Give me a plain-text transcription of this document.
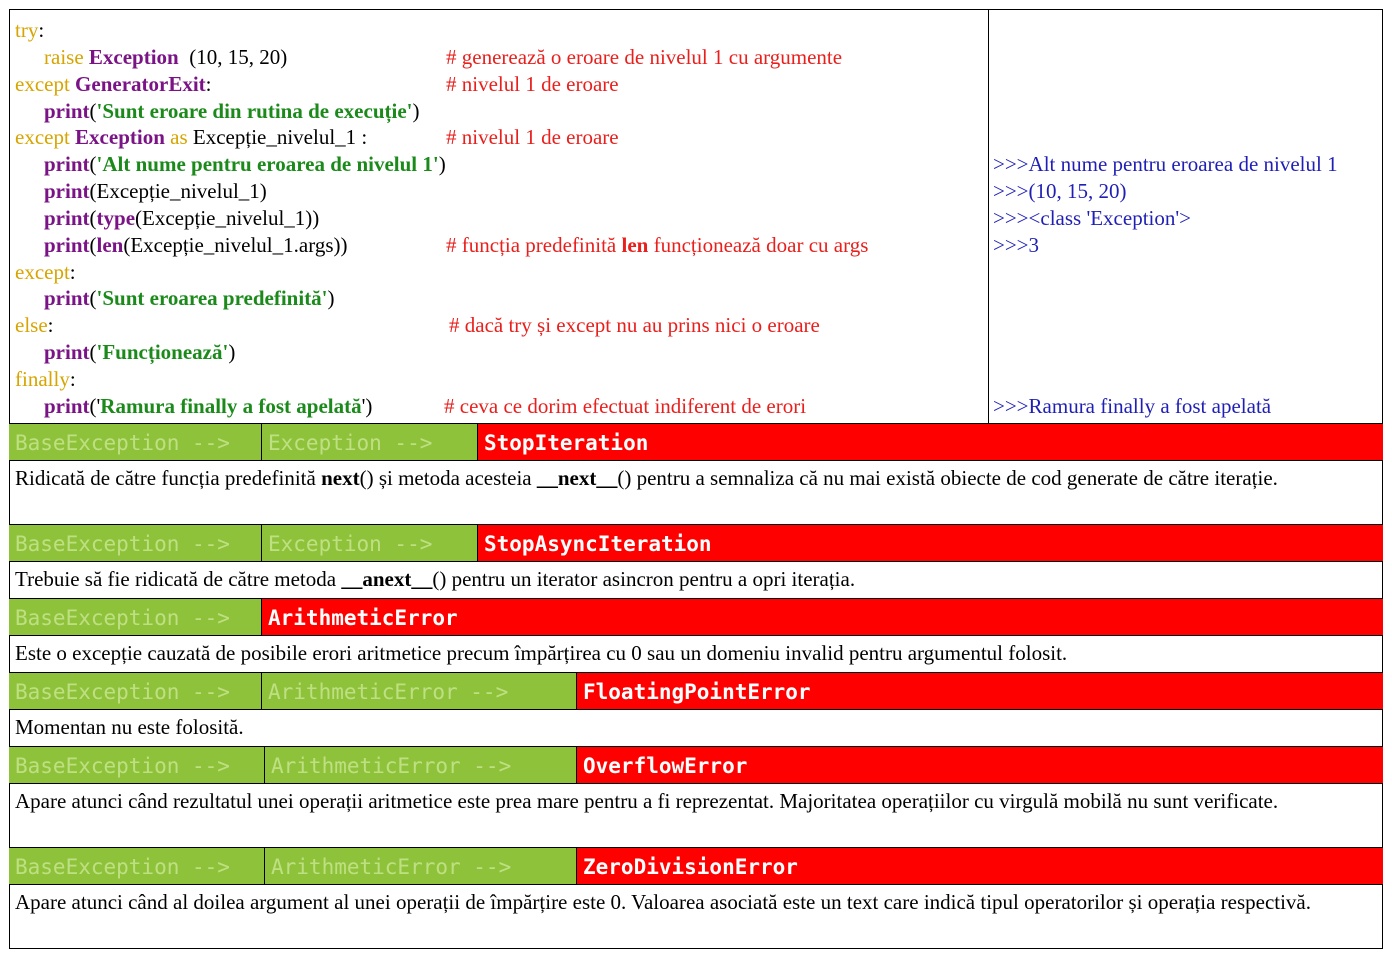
try:
raise Exception  (10, 15, 20)	# generează o eroare de nivelul 1 cu argumente
except GeneratorExit:	# nivelul 1 de eroare
print('Sunt eroare din rutina de execuție')
except Exception as Excepție_nivelul_1 :	# nivelul 1 de eroare
print('Alt nume pentru eroarea de nivelul 1')
print(Excepție_nivelul_1)
print(type(Excepție_nivelul_1))
print(len(Excepție_nivelul_1.args))	# funcția predefinită len funcționează doar cu args
except:
print('Sunt eroarea predefinită')
else:	# dacă try și except nu au prins nici o eroare
print('Funcționează')
finally:
print('Ramura finally a fost apelată')	# ceva ce dorim efectuat indiferent de erori
>>>Alt nume pentru eroarea de nivelul 1
>>>(10, 15, 20)
>>><class 'Exception'>
>>>3
>>>Ramura finally a fost apelată
BaseException -->	Exception -->	StopIteration
Ridicată de către funcția predefinită next() și metoda acesteia __next__() pentru a semnaliza că nu mai există obiecte de cod generate de către iterație.
BaseException -->	Exception -->	StopAsyncIteration
Trebuie să fie ridicată de către metoda __anext__() pentru un iterator asincron pentru a opri iterația.
BaseException -->	ArithmeticError
Este o excepție cauzată de posibile erori aritmetice precum împărțirea cu 0 sau un domeniu invalid pentru argumentul folosit.
BaseException -->	ArithmeticError -->	FloatingPointError
Momentan nu este folosită.
BaseException -->	ArithmeticError -->	OverflowError
Apare atunci când rezultatul unei operații aritmetice este prea mare pentru a fi reprezentat. Majoritatea operațiilor cu virgulă mobilă nu sunt verificate.
BaseException -->	ArithmeticError -->	ZeroDivisionError
Apare atunci când al doilea argument al unei operații de împărțire este 0. Valoarea asociată este un text care indică tipul operatorilor și operația respectivă.
